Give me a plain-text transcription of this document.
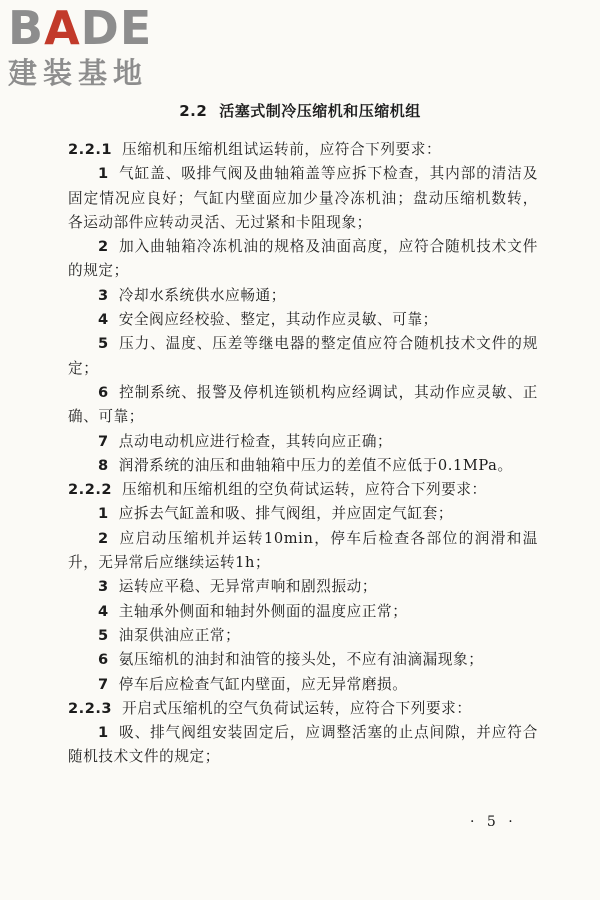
BADE
建装基地
2.2 活塞式制冷压缩机和压缩机组

2.2.1 压缩机和压缩机组试运转前，应符合下列要求：

1 气缸盖、吸排气阀及曲轴箱盖等应拆下检查，其内部的清洁及固定情况应良好；气缸内壁面应加少量冷冻机油；盘动压缩机数转，各运动部件应转动灵活、无过紧和卡阻现象；

2 加入曲轴箱冷冻机油的规格及油面高度，应符合随机技术文件的规定；

3 冷却水系统供水应畅通；

4 安全阀应经校验、整定，其动作应灵敏、可靠；

5 压力、温度、压差等继电器的整定值应符合随机技术文件的规定；

6 控制系统、报警及停机连锁机构应经调试，其动作应灵敏、正确、可靠；

7 点动电动机应进行检查，其转向应正确；

8 润滑系统的油压和曲轴箱中压力的差值不应低于0.1MPa。

2.2.2 压缩机和压缩机组的空负荷试运转，应符合下列要求：

1 应拆去气缸盖和吸、排气阀组，并应固定气缸套；

2 应启动压缩机并运转10min，停车后检查各部位的润滑和温升，无异常后应继续运转1h；

3 运转应平稳、无异常声响和剧烈振动；

4 主轴承外侧面和轴封外侧面的温度应正常；

5 油泵供油应正常；

6 氨压缩机的油封和油管的接头处，不应有油滴漏现象；

7 停车后应检查气缸内壁面，应无异常磨损。

2.2.3 开启式压缩机的空气负荷试运转，应符合下列要求：

1 吸、排气阀组安装固定后，应调整活塞的止点间隙，并应符合随机技术文件的规定；

· 5 ·
